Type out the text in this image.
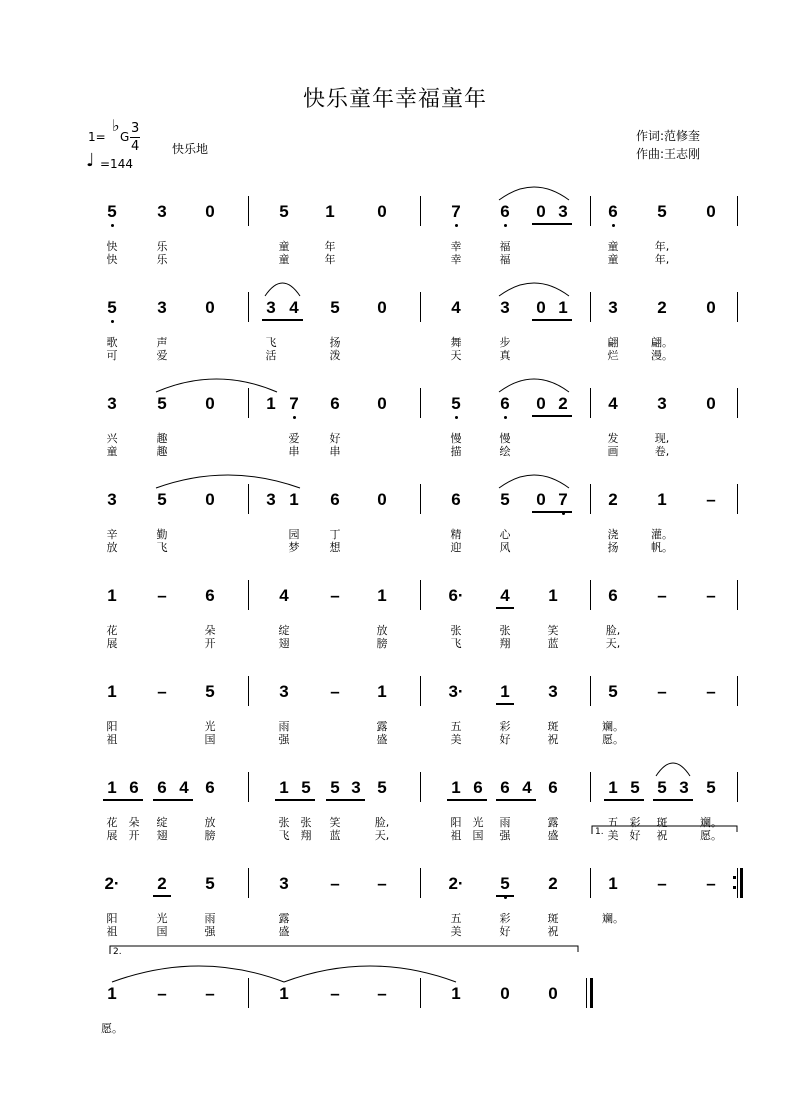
快乐童年幸福童年
1=
♭
G
3
4
♩ =144
快乐地
作词:范修奎
作曲:王志刚
5	3	0	5	1	0	7	6	0 3	6	5	0
快	乐	童	年	幸	福	童	年,
快	乐	童	年	幸	福	童	年,
5	3	0	3 4	5	0	4	3	0 1	3	2	0
歌	声	飞	扬	舞	步	翩	翩。
可	爱	活	泼	天	真	烂	漫。
3	5	0	1 7	6	0	5	6	0 2	4	3	0
兴	趣	爱	好	慢	慢	发	现,
童	趣	串	串	描	绘	画	卷,
3	5	0	3 1	6	0	6	5	0 7	2	1	–
辛	勤	园	丁	精	心	浇	灌。
放	飞	梦	想	迎	风	扬	帆。
1	–	6	4	–	1	6·	4	1	6	–	–
花	朵	绽	放	张	张	笑	脸,
展	开	翅	膀	飞	翔	蓝	天,
1	–	5	3	–	1	3·	1	3	5	–	–
阳	光	雨	露	五	彩	斑	斓。
祖	国	强	盛	美	好	祝	愿。
1 6	6 4 6	1 5	5 3 5	1 6	6 4 6	1 5	5 3	5
花	朵	绽	放	张	张	笑	脸,	阳	光	雨	露	五	彩	斑	斓。
展	开	翅	膀	飞	翔	蓝	天,	祖	国	强	盛	美	好	祝	愿。
2·	2	5	3	–	–	2·	5	2	1	–	–
阳	光	雨	露	五	彩	斑	斓。
祖	国	强	盛	美	好	祝
1.
1	–	–	1	–	–	1	0	0
愿。
2.
